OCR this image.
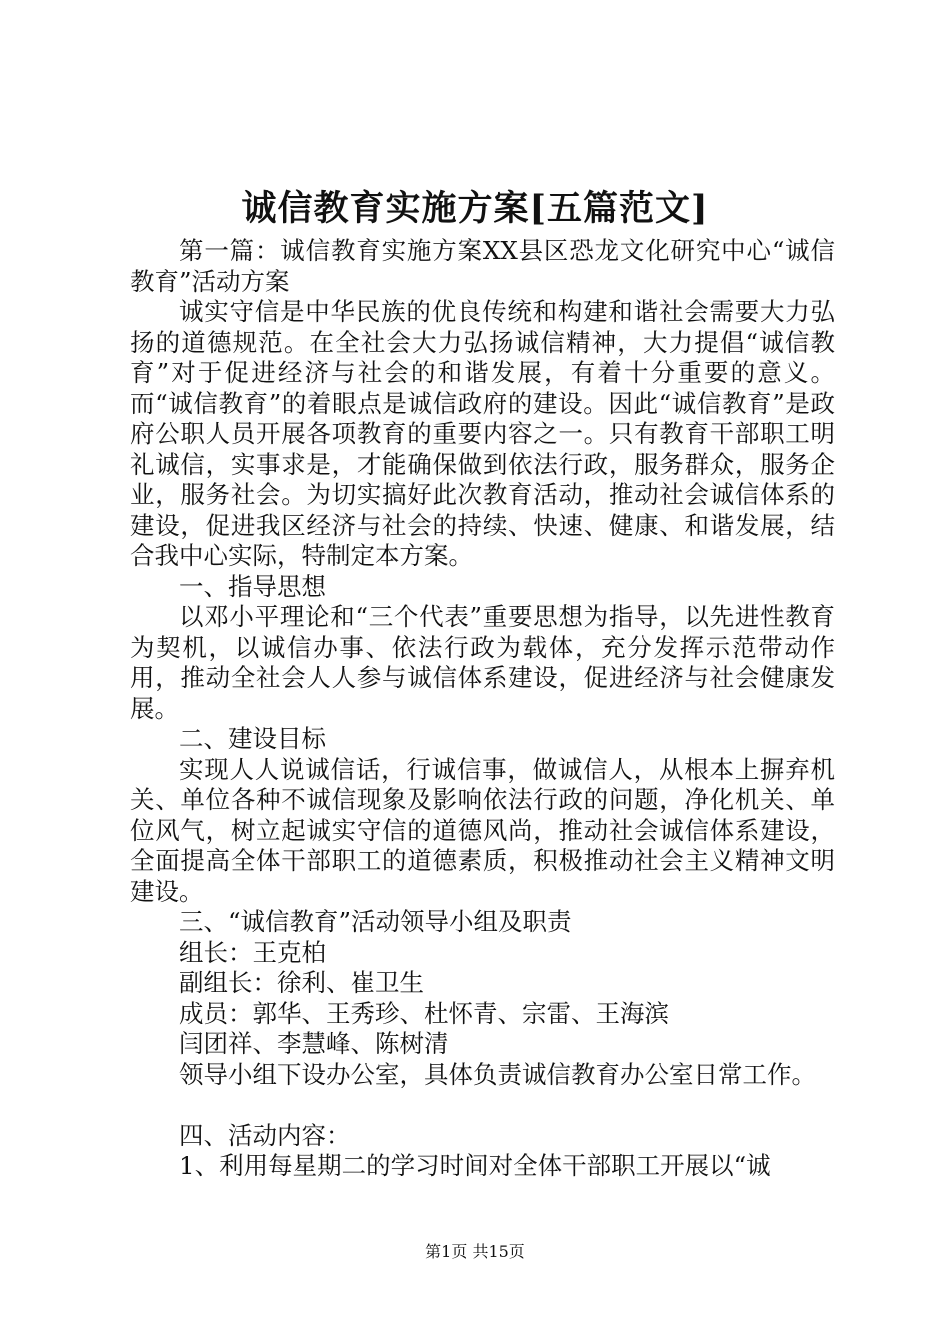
诚信教育实施方案[五篇范文]

第一篇：诚信教育实施方案XX县区恐龙文化研究中心“诚信教育”活动方案

诚实守信是中华民族的优良传统和构建和谐社会需要大力弘扬的道德规范。在全社会大力弘扬诚信精神，大力提倡“诚信教育”对于促进经济与社会的和谐发展，有着十分重要的意义。而“诚信教育”的着眼点是诚信政府的建设。因此“诚信教育”是政府公职人员开展各项教育的重要内容之一。只有教育干部职工明礼诚信，实事求是，才能确保做到依法行政，服务群众，服务企业，服务社会。为切实搞好此次教育活动，推动社会诚信体系的建设，促进我区经济与社会的持续、快速、健康、和谐发展，结合我中心实际，特制定本方案。

一、指导思想

以邓小平理论和“三个代表”重要思想为指导，以先进性教育为契机，以诚信办事、依法行政为载体，充分发挥示范带动作用，推动全社会人人参与诚信体系建设，促进经济与社会健康发展。

二、建设目标

实现人人说诚信话，行诚信事，做诚信人，从根本上摒弃机关、单位各种不诚信现象及影响依法行政的问题，净化机关、单位风气，树立起诚实守信的道德风尚，推动社会诚信体系建设，全面提高全体干部职工的道德素质，积极推动社会主义精神文明建设。

三、“诚信教育”活动领导小组及职责

组长：王克柏

副组长：徐利、崔卫生

成员：郭华、王秀珍、杜怀青、宗雷、王海滨

闫团祥、李慧峰、陈树清

领导小组下设办公室，具体负责诚信教育办公室日常工作。

四、活动内容：

1、利用每星期二的学习时间对全体干部职工开展以“诚

第1页 共15页
